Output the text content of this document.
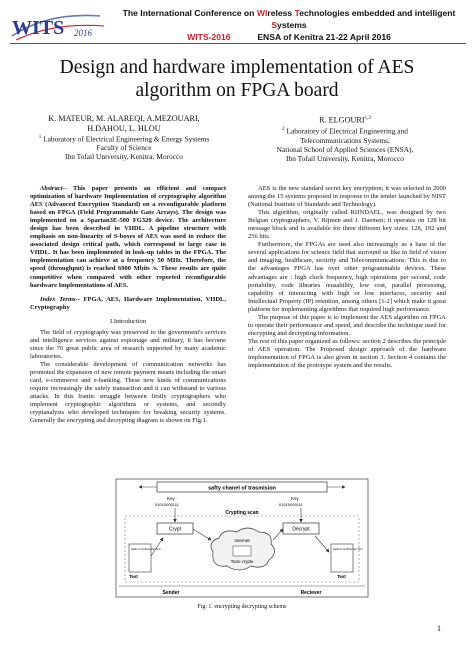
WITS 2016
The International Conference on WIreless Technologies embedded and intelligent Systems
WITS-2016	ENSA of Kenitra 21-22 April 2016
Design and hardware implementation of AES
algorithm on FPGA board
K. MATEUR, M. ALAREQI, A.MEZOUARI,
H.DAHOU, L. HLOU
$^1$ Laboratory of Electrical Engineering & Energy Systems
Faculty of Science
Ibn Tofail University, Kenitra, Morocco
R. ELGOURI$^{1,2}$
$^2$ Laboratory of Electrical Engineering and
Telecommunications Systems,
National School of Applied Sciences (ENSA),
Ibn Tofail University, Kenitra, Morocco

Abstract-- This paper presents an efficient and compact optimization of hardware Implementation of cryptography algorithm AES (Advanced Encryption Standard) on a reconfigurable platform based on FPGA (Field Programmable Gate Arrays). The design was implemented on a Spartan3E-500 FG320 device. The architecture design has been described in VHDL. A pipeline structure with emphasis on non-linearity of S-boxes of AES was used to reduce the associated design critical path, which correspond to large case in VHDL. It has been implemented in look-up tables in the FPGA. The implementation can achieve at a frequency 50 MHz. Therefore, the speed (throughput) is reached 6900 Mbits /s. These results are quite competitive when compared with other reported reconfigurable hardware Implementations of AES.

Index Terms-- FPGA, AES, Hardware Implementation, VHDL, Cryptography

I.Introduction

The field of cryptography was preserved to the government's services and intelligence services against espionage and military, it has become since the 70 great public area of research supported by many academic laboratories.

The considerable development of communication networks has promoted the expansion of new remote payment means including the smart card, e-commerce and e-banking. These new kinds of communications require increasingly the safely transaction and it can withstand to various attacks. In this frantic struggle between firstly cryptographers who implement cryptographic algorithms or systems, and secondly cryptanalysts who developed techniques for breaking security systems. Generally the encrypting and decrypting diagram is shown on Fig.1.

AES is the new standard secret key encryption; it was selected in 2000 among the 15 systems proposed in response to the tender launched by NIST (National Institute of Standards and Technology).

This algorithm, originally called RIJNDAEL, was designed by two Belgian cryptographers, V. Rijmen and J. Daemen; it operates on 128 bit message block and is available for three different key sizes: 128, 192 and 256 bits.

Furthermore, the FPGAs are used also increasingly as a base of the several applications for science field that surround us like in field of vision and imaging, healthcare, security and Telecommunications. This is due to the advantages FPGA has over other programmable devices. These advantages are : high clock frequency, high operations per second, code portability, code libraries reusability, low cost, parallel processing, capability of interacting with high or low interfaces, security and Intellectual Property (IP) retention, among others [1-2] which make it great platform for implementing algorithms that required high performance.

The purpose of this paper is to implement the AES algorithm on FPGA to operate their performance and speed, and describe the technique used for encrypting and decrypting information.

The rest of this paper organized as follows: section 2 describes the principle of AES operation. The Proposed design approach of the hardware implementation of FPGA is also given in section 3. Section 4 contains the implementation of the prototype system and the results.

safty chanel of trasmision
Key
01010000111
Key
01010000111
Crypting scan
Crypt	Décrypt
Internet
Texte crypte
Hello In confid entia l Text	Hello In confid entia l Text
Text	Text
Sender	Reciever
Fig. 1. encrypting decrypting scheme
1
